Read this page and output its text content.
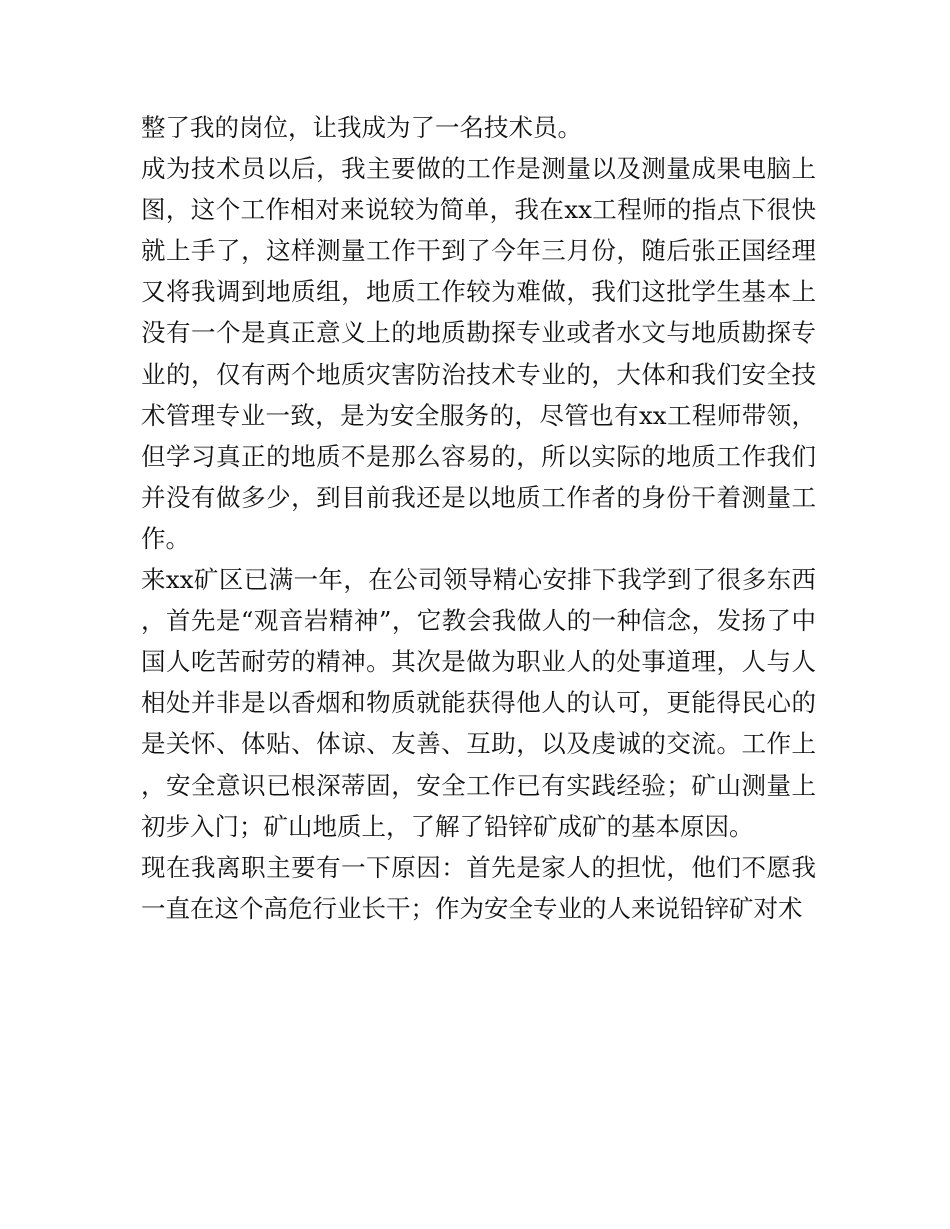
整了我的岗位，让我成为了一名技术员。

成为技术员以后，我主要做的工作是测量以及测量成果电脑上图，这个工作相对来说较为简单，我在xx工程师的指点下很快就上手了，这样测量工作干到了今年三月份，随后张正国经理又将我调到地质组，地质工作较为难做，我们这批学生基本上没有一个是真正意义上的地质勘探专业或者水文与地质勘探专业的，仅有两个地质灾害防治技术专业的，大体和我们安全技术管理专业一致，是为安全服务的，尽管也有xx工程师带领，但学习真正的地质不是那么容易的，所以实际的地质工作我们并没有做多少，到目前我还是以地质工作者的身份干着测量工作。

来xx矿区已满一年，在公司领导精心安排下我学到了很多东西，首先是“观音岩精神”，它教会我做人的一种信念，发扬了中国人吃苦耐劳的精神。其次是做为职业人的处事道理，人与人相处并非是以香烟和物质就能获得他人的认可，更能得民心的是关怀、体贴、体谅、友善、互助，以及虔诚的交流。工作上，安全意识已根深蒂固，安全工作已有实践经验；矿山测量上初步入门；矿山地质上，了解了铅锌矿成矿的基本原因。

现在我离职主要有一下原因：首先是家人的担忧，他们不愿我一直在这个高危行业长干；作为安全专业的人来说铅锌矿对术
